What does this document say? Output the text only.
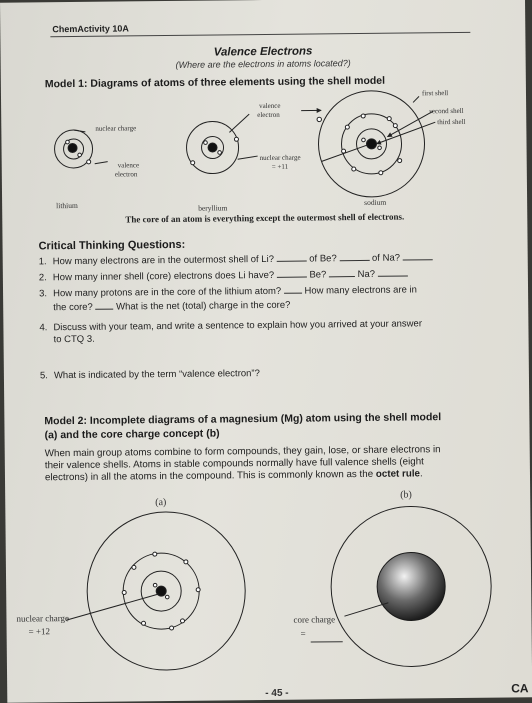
ChemActivity 10A
Valence Electrons
(Where are the electrons in atoms located?)
Model 1: Diagrams of atoms of three elements using the shell model
nuclear charge
valence
electron
valence
electron
nuclear charge
= +11
first shell
second shell
third shell
lithium	beryllium
sodium
The core of an atom is everything except the outermost shell of electrons.
Critical Thinking Questions:
1. How many electrons are in the outermost shell of Li?	of Be?	of Na?
2. How many inner shell (core) electrons does Li have?	Be?	Na?
3. How many protons are in the core of the lithium atom? How many electrons are in
the core? What is the net (total) charge in the core?
4. Discuss with your team, and write a sentence to explain how you arrived at your answer
to CTQ 3.
5. What is indicated by the term “valence electron”?
Model 2: Incomplete diagrams of a magnesium (Mg) atom using the shell model
(a) and the core charge concept (b)
When main group atoms combine to form compounds, they gain, lose, or share electrons in
their valence shells. Atoms in stable compounds normally have full valence shells (eight
electrons) in all the atoms in the compound. This is commonly known as the octet rule.
(a)
(b)
nuclear charge
= +12
core charge
=
- 45 -	CA
